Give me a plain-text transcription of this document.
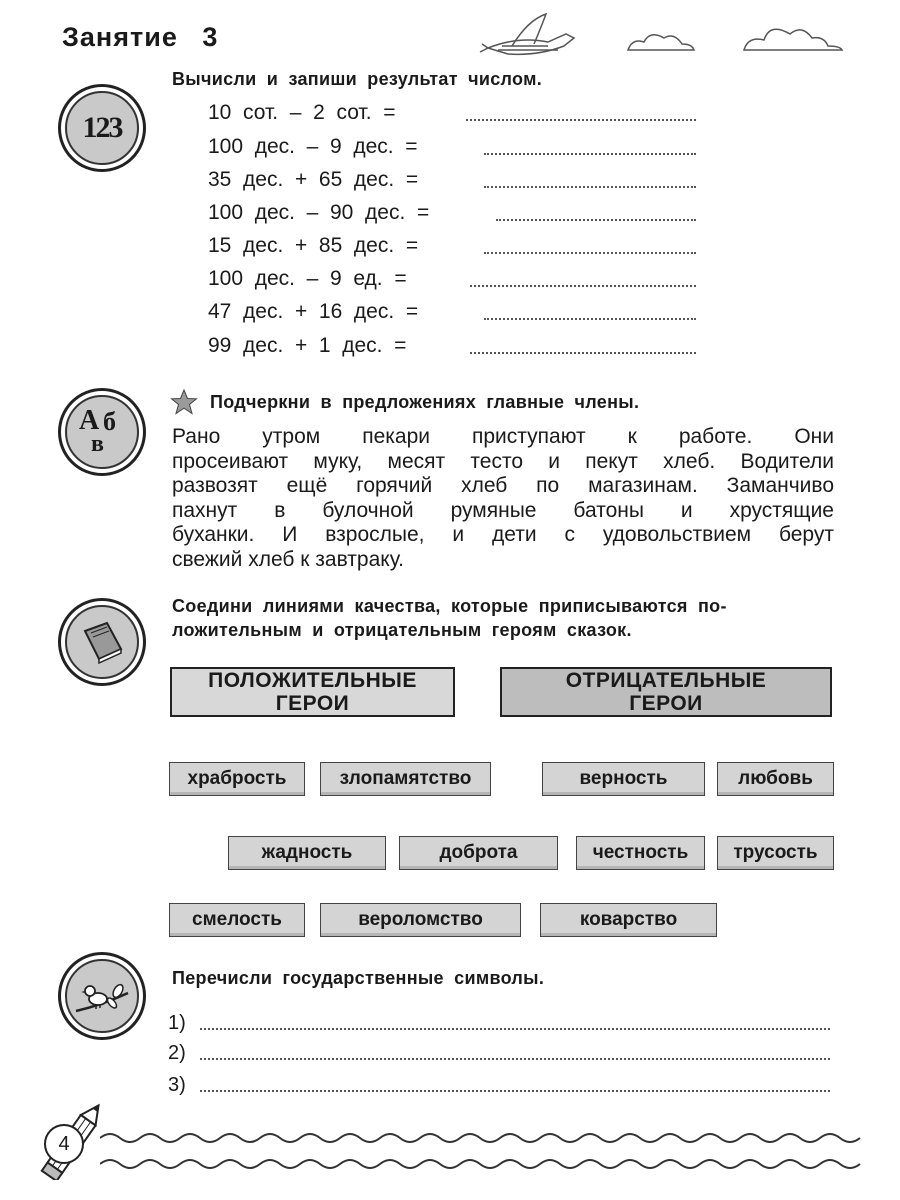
Занятие 3
123
Вычисли и запиши результат числом.
10  сот.  –  2  сот.  =
100  дес.  –  9  дес.  =
35  дес.  +  65  дес.  =
100  дес.  –  90  дес.  =
15  дес.  +  85  дес.  =
100  дес.  –  9  ед.  =
47  дес.  +  16  дес.  =
99  дес.  +  1  дес.  =
А б
в
Подчеркни в предложениях главные члены.
Рано утром пекари приступают к работе. Они
просеивают муку, месят тесто и пекут хлеб. Водители
развозят ещё горячий хлеб по магазинам. Заманчиво
пахнут в булочной румяные батоны и хрустящие
буханки. И взрослые, и дети с удовольствием берут
свежий хлеб к завтраку.
Соедини линиями качества, которые приписываются по-
ложительным и отрицательным героям сказок.
ПОЛОЖИТЕЛЬНЫЕ
ГЕРОИ
ОТРИЦАТЕЛЬНЫЕ
ГЕРОИ
храбрость	злопамятство	верность	любовь
жадность	доброта	честность	трусость
смелость	вероломство	коварство
Перечисли государственные символы.
1)
2)
3)
4
